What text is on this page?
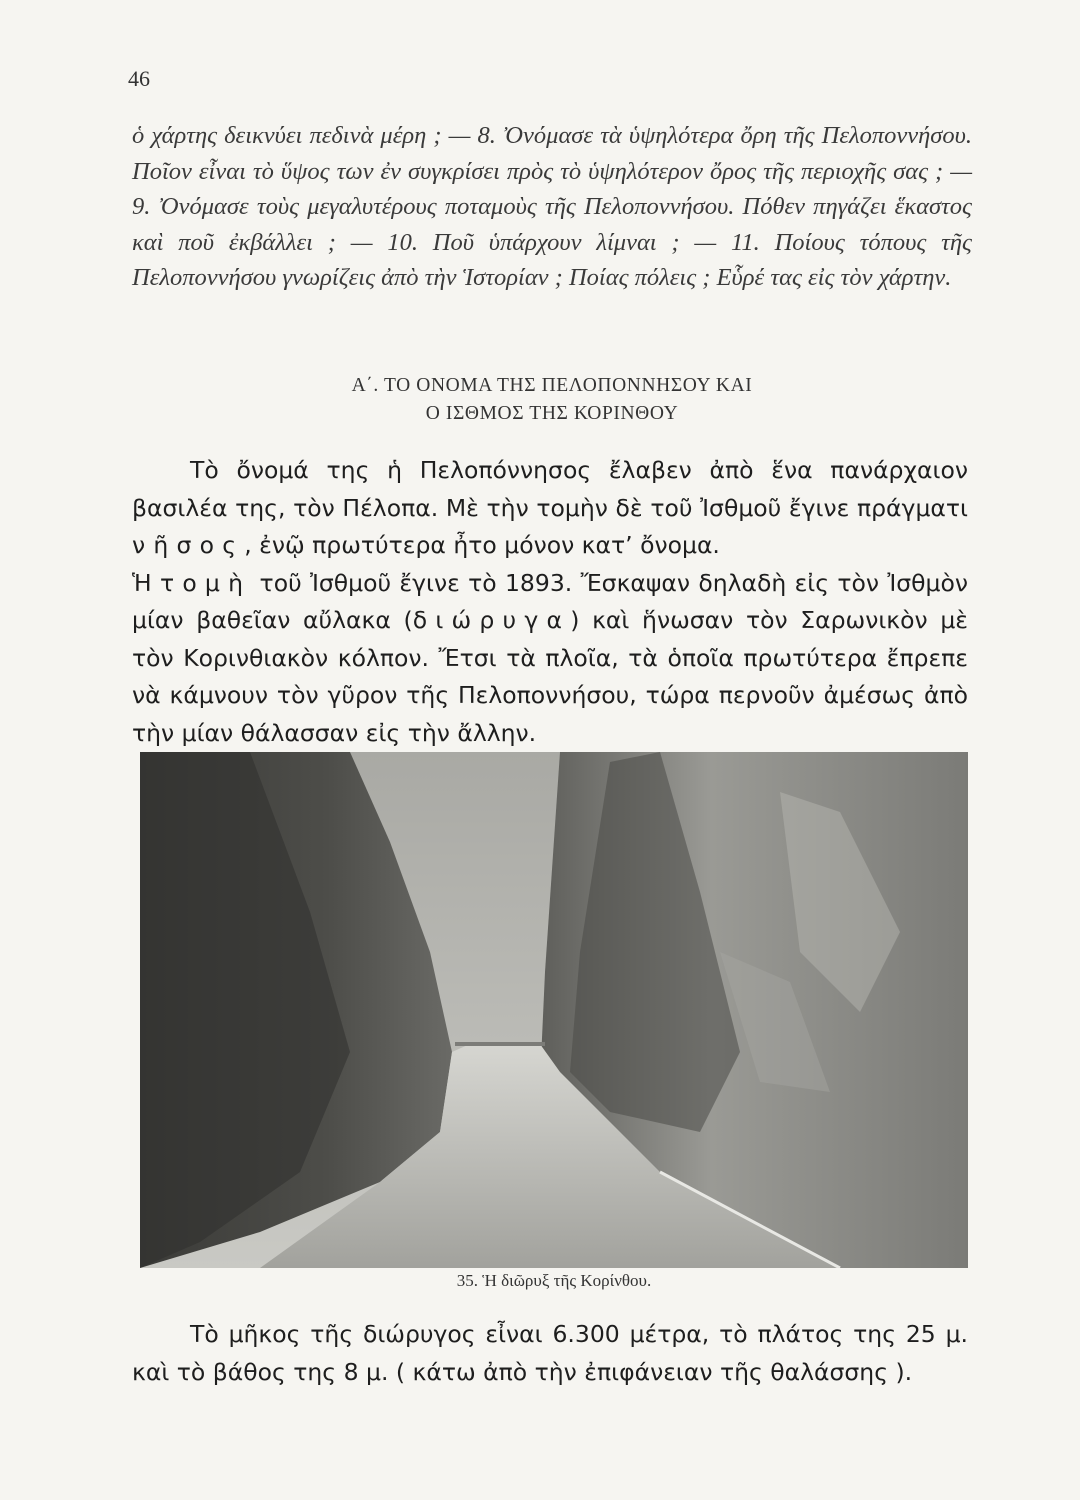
46

ὁ χάρτης δεικνύει πεδινὰ μέρη ; — 8. Ὀνόμασε τὰ ὑψηλότερα ὄρη τῆς Πελοποννήσου. Ποῖον εἶναι τὸ ὕψος των ἐν συγκρίσει πρὸς τὸ ὑψηλότερον ὄρος τῆς περιοχῆς σας ; — 9. Ὀνόμασε τοὺς μεγαλυτέρους ποταμοὺς τῆς Πελοποννήσου. Πόθεν πηγάζει ἕκαστος καὶ ποῦ ἐκβάλλει ; — 10. Ποῦ ὑπάρχουν λίμναι ; — 11. Ποίους τόπους τῆς Πελοποννήσου γνωρίζεις ἀπὸ τὴν Ἱστορίαν ; Ποίας πόλεις ; Εὗρέ τας εἰς τὸν χάρτην.

Α΄. ΤΟ ΟΝΟΜΑ ΤΗΣ ΠΕΛΟΠΟΝΝΗΣΟΥ ΚΑΙ
Ο ΙΣΘΜΟΣ ΤΗΣ ΚΟΡΙΝΘΟΥ

Τὸ ὄνομά της ἡ Πελοπόννησος ἔλαβεν ἀπὸ ἕνα πανάρχαιον βασιλέα της, τὸν Πέλοπα. Μὲ τὴν τομὴν δὲ τοῦ Ἰσθμοῦ ἔγινε πράγματι νῆσος, ἐνῷ πρωτύτερα ἦτο μόνον κατ’ ὄνομα.
Ἡ τομὴ τοῦ Ἰσθμοῦ ἔγινε τὸ 1893. Ἔσκαψαν δηλαδὴ εἰς τὸν Ἰσθμὸν μίαν βαθεῖαν αὔλακα (διώρυγα) καὶ ἥνωσαν τὸν Σαρωνικὸν μὲ τὸν Κορινθιακὸν κόλπον. Ἔτσι τὰ πλοῖα, τὰ ὁποῖα πρωτύτερα ἔπρεπε νὰ κάμνουν τὸν γῦρον τῆς Πελοποννήσου, τώρα περνοῦν ἀμέσως ἀπὸ τὴν μίαν θάλασσαν εἰς τὴν ἄλλην.

35. Ἡ διῶρυξ τῆς Κορίνθου.

Τὸ μῆκος τῆς διώρυγος εἶναι 6.300 μέτρα, τὸ πλάτος της 25 μ. καὶ τὸ βάθος της 8 μ. ( κάτω ἀπὸ τὴν ἐπιφάνειαν τῆς θαλάσσης ).
